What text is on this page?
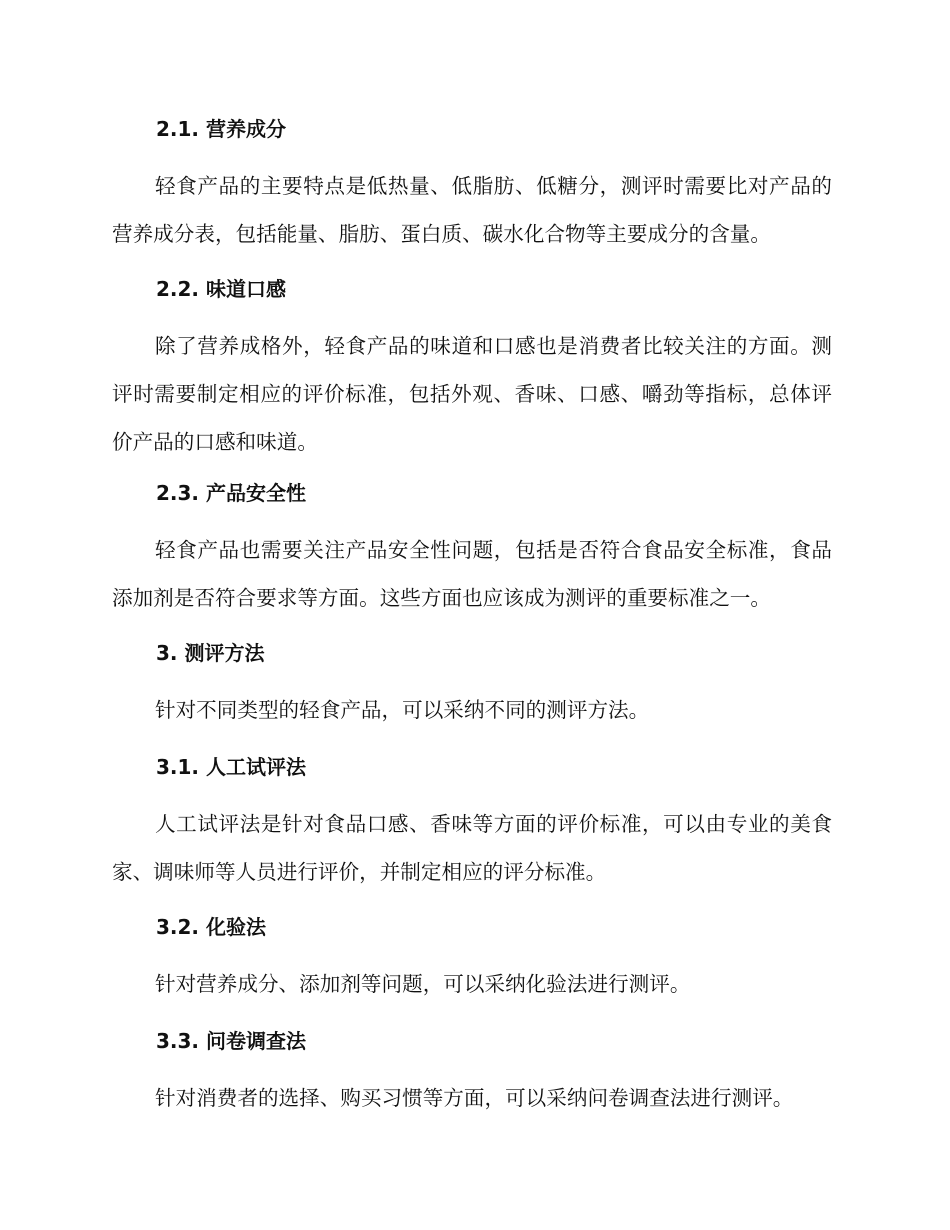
2.1. 营养成分

轻食产品的主要特点是低热量、低脂肪、低糖分，测评时需要比对产品的营养成分表，包括能量、脂肪、蛋白质、碳水化合物等主要成分的含量。

2.2. 味道口感

除了营养成格外，轻食产品的味道和口感也是消费者比较关注的方面。测评时需要制定相应的评价标准，包括外观、香味、口感、嚼劲等指标，总体评价产品的口感和味道。

2.3. 产品安全性

轻食产品也需要关注产品安全性问题，包括是否符合食品安全标准，食品添加剂是否符合要求等方面。这些方面也应该成为测评的重要标准之一。

3. 测评方法

针对不同类型的轻食产品，可以采纳不同的测评方法。

3.1. 人工试评法

人工试评法是针对食品口感、香味等方面的评价标准，可以由专业的美食家、调味师等人员进行评价，并制定相应的评分标准。

3.2. 化验法

针对营养成分、添加剂等问题，可以采纳化验法进行测评。

3.3. 问卷调查法

针对消费者的选择、购买习惯等方面，可以采纳问卷调查法进行测评。
